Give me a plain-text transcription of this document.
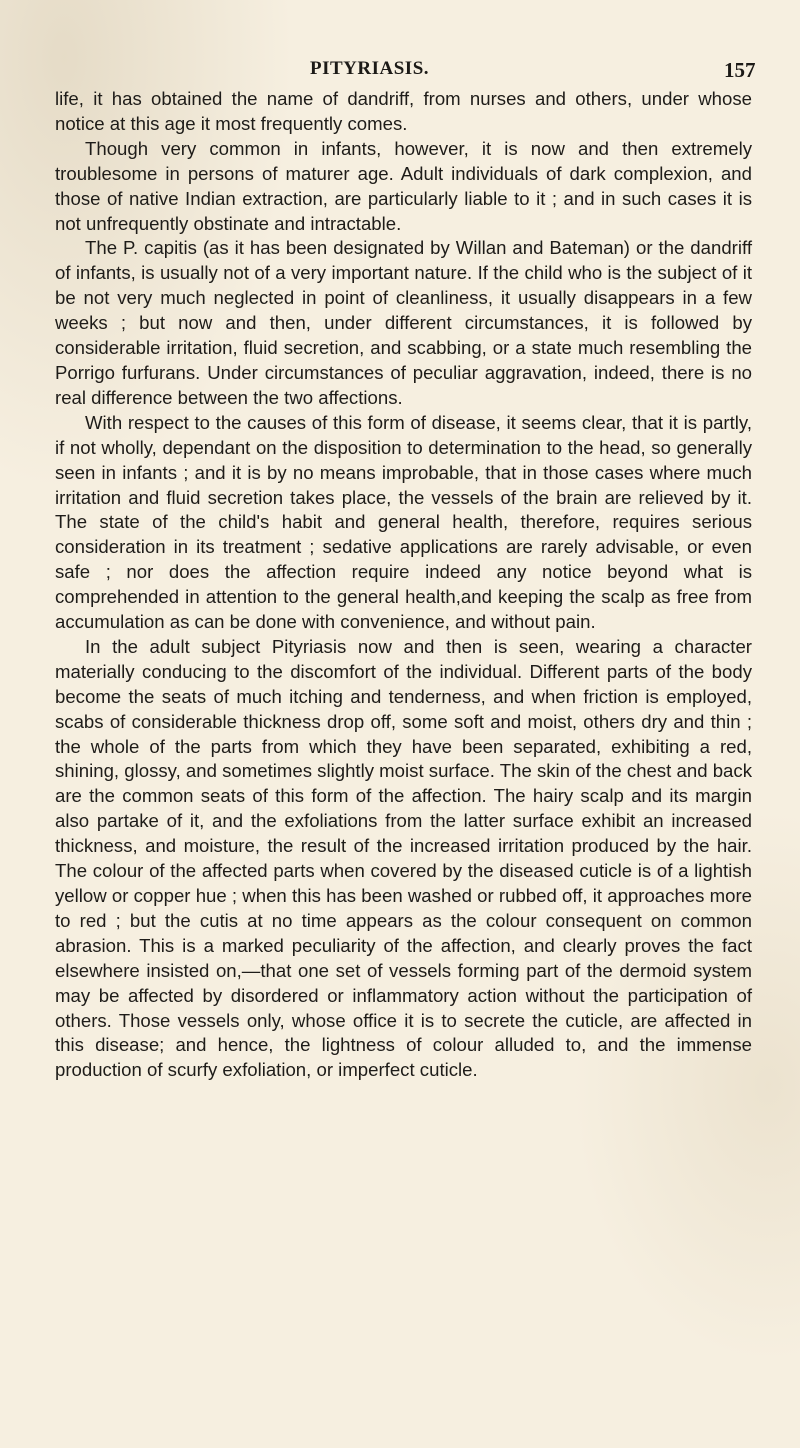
PITYRIASIS.	157

life, it has obtained the name of dandriff, from nurses and others, under whose notice at this age it most frequently comes.

Though very common in infants, however, it is now and then extremely troublesome in persons of maturer age. Adult individuals of dark complexion, and those of native Indian extraction, are particularly liable to it ; and in such cases it is not unfrequently obstinate and intractable.

The P. capitis (as it has been designated by Willan and Bateman) or the dandriff of infants, is usually not of a very important nature. If the child who is the subject of it be not very much neglected in point of cleanliness, it usually disappears in a few weeks ; but now and then, under different circumstances, it is followed by considerable irritation, fluid secretion, and scabbing, or a state much resembling the Porrigo furfurans. Under circumstances of peculiar aggravation, indeed, there is no real difference between the two affections.

With respect to the causes of this form of disease, it seems clear, that it is partly, if not wholly, dependant on the disposition to determination to the head, so generally seen in infants ; and it is by no means improbable, that in those cases where much irritation and fluid secretion takes place, the vessels of the brain are relieved by it. The state of the child's habit and general health, therefore, requires serious consideration in its treatment ; sedative applications are rarely advisable, or even safe ; nor does the affection require indeed any notice beyond what is comprehended in attention to the general health,and keeping the scalp as free from accumulation as can be done with convenience, and without pain.

In the adult subject Pityriasis now and then is seen, wearing a character materially conducing to the discomfort of the individual. Different parts of the body become the seats of much itching and tenderness, and when friction is employed, scabs of considerable thickness drop off, some soft and moist, others dry and thin ; the whole of the parts from which they have been separated, exhibiting a red, shining, glossy, and sometimes slightly moist surface. The skin of the chest and back are the common seats of this form of the affection. The hairy scalp and its margin also partake of it, and the exfoliations from the latter surface exhibit an increased thickness, and moisture, the result of the increased irritation produced by the hair. The colour of the affected parts when covered by the diseased cuticle is of a lightish yellow or copper hue ; when this has been washed or rubbed off, it approaches more to red ; but the cutis at no time appears as the colour consequent on common abrasion. This is a marked peculiarity of the affection, and clearly proves the fact elsewhere insisted on,—that one set of vessels forming part of the dermoid system may be affected by disordered or inflammatory action without the participation of others. Those vessels only, whose office it is to secrete the cuticle, are affected in this disease; and hence, the lightness of colour alluded to, and the immense production of scurfy exfoliation, or imperfect cuticle.
